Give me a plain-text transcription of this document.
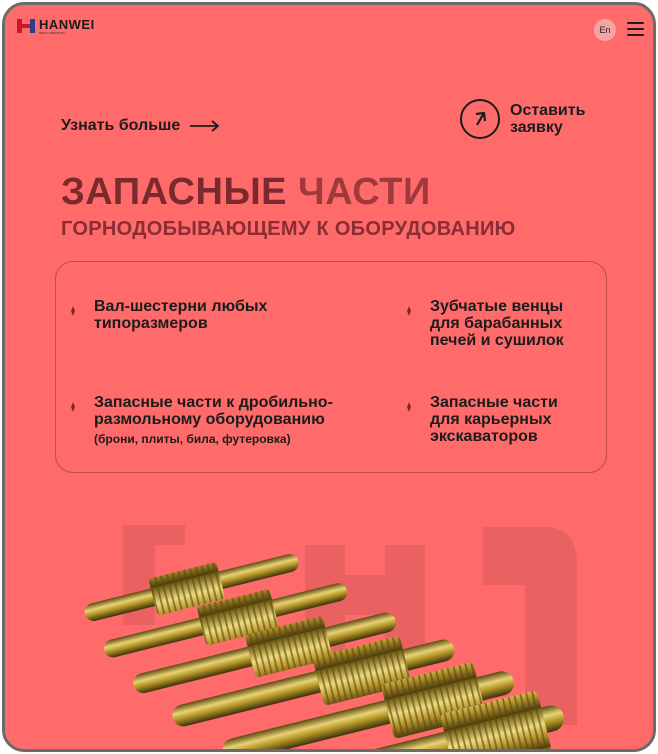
HANWEI
HEAVY INDUSTRY	En
Узнать больше
Оставить
заявку
ЗАПАСНЫЕ ЧАСТИ
ГОРНОДОБЫВАЮЩЕМУ К ОБОРУДОВАНИЮ
Вал-шестерни любых
типоразмеров
Зубчатые венцы
для барабанных
печей и сушилок
Запасные части к дробильно-
размольному оборудованию
(брони, плиты, била, футеровка)
Запасные части
для карьерных
экскаваторов
